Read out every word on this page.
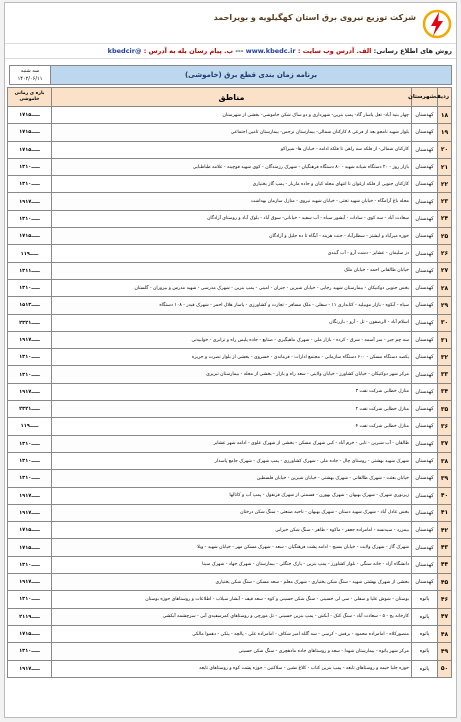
شرکت توزیع نیروی برق استان کهگیلویه و بویراحمد
روش های اطلاع رسانی: الف. آدرس وب سایت : www.kbedc.ir --- ب. پیام رسان بله به آدرس : @kbedcir
برنامه زمان بندی قطع برق (خاموشی)
سه شنبه
۱۴۰۲/۰۶/۱۱
ردیف	شهرستان	مناطق	بازه ی زمانی خاموشی
۱۸	کهدسنان	چهار بنیه آباد- تعل پاسار گاد- پمپ بنزین- شهرداری و دو ساک شکن خاموشی- بخشی از شهرستان	۱۷ـــــ۱۵
۱۹	کهدسنان	بلوار شهید نامجو بعد از فرعی ۸ کارکنان شمالی- بیمارستان نرجس- بیمارستان تامین اجتماعی	۱۷ـــــ۱۵
۲۰	کهدسنان	کارکنان شمالی- از فلکه سه راهی تا فلکه ادامه - خیابان ها- شیراکو	۱۷ـــــ۱۵
۲۱	کهدسنان	بازار روز - ۲۰ دستگاه شیانه شهید - ۸۰ دستگاه فرهنگیان - شهرک رزمندگان - کوی شهید قوچینه - علامه طباطبایی	۱۳ـــــ۱۰
۲۲	کهدسنان	کارکنان جنوبی از فلکه ارغوان تا انتهای محله کیان و جاده ماربار - پمپ گاز بختیاری	۱۳ـــــ۱۰
۲۳	کهدسنان	محله باغ آرامگاه - خیابان شهید تختی - خیابان شهید نیروی - منازل سازمان بهداشت	۱۹ـــــ۱۷
۲۴	کهدسنان	سعادت آباد - سه کوی - سادات - آبشور سیاه - آب سفید - خیابانی- سوق آباد - بلوک آباد و روستای آزادگان	۱۳ـــــ۱۰
۲۵	کهدسنان	حوزه میرآباد و لیشتر - سطلرآباد - جنت هزینه - آبگاه تا ده جلیل و آزادگان	۱۷ـــــ۱۵
۲۶	کهدسنان	دز سلیمان - عشایر - دشت آرو - آب گیندی	۱۱ـــــ۹
۲۷	کهدسنان	خیابان طالقانی احمد - خیابان ملک	۱۳ـــــ۱۱
۲۸	کهدسنان	بخش جنوبی دوکنیکان - بیمارستان شهید رجایی - خیابان شیرین - جبران - امینی - پمپ بنزین - شهرک مدرسی - شهید مدرس و بیزوران - گلستان	۱۳ـــــ۱۰
۲۹	کهدسنان	سیاه - آبکوه - بازار موبیلیه - کتابداری ۱۱ - سفلی - ملک مسافر - تجارت و کشاورزی - پاسار هلال احمر - شهرک قیدر - ۱۰۸ دستگاه	۱۵ـــــ۱۳
۳۰	کهدسنان	اسلام آباد - الرصفون - تل - آرو - بازرنگان	۲۳ـــــ۲۱
۳۱	کهدسنان	سه چم جیر - سر آسمه - شرق - کرده - بازار ملی - شهرک ماهیگیری - صنایع - جاده پلیس راه و ترابری - خوابیدنی	۱۹ـــــ۱۷
۳۲	کهدسنان	یکصد دستگاه مسکن - ۶۰۰ دستگاه سازمانی - مجتمع ادارات - فرماندی - خسروی - بخشی از بلوار نصرت و جزیره	۱۳ـــــ۱۰
۳۳	کهدسنان	مرکز شهر دوکنیکان - خیابان کشاورز - خیابان ولایتی - سعد راه و بازار - بخشی از محله - بیمارستان تبریزی	۱۳ـــــ۱۰
۳۴	کهدسنان	منازل خطابی شرکت نفت ۳	۱۹ـــــ۱۷
۳۵	کهدسنان	منازل خطابی شرکت نفت ۲	۲۳ـــــ۲۱
۳۶	کهدسنان	منازل خطابی شرکت نفت ۴	۱۱ـــــ۹
۳۷	کهدسنان	طالقان - آب شیرین - تابی - خرم آباد - کبی شهرک مسکن - بخشی از شهرک علوی - ادامه شهر عشایر	۱۳ـــــ۱۰
۳۸	کهدسنان	شهرک شهید بهشتی - روستای چال - جاده ملی - شهرک کشاورزی - پمپ شهرک - شهرک جامع پاسدار	۱۳ـــــ۱۰
۳۹	کهدسنان	خیابان بعثت - شهرک طالقانی - شهرک بهشتی - خیابان شیرین - خیابان فلسطین	۱۳ـــــ۱۰
۴۰	کهدسنان	زیرنوری شهرک - شهرک بهبهان - شهرک بهورن - قسمتی از شهرک قرنفول - پمپ آب و کانالها	۱۹ـــــ۱۷
۴۱	کهدسنان	بخش عادل آباد - شهرک شهید دستان - شهرک بهبهان - ناحیه صنعتی - سنگ شکن درختان	۱۹ـــــ۱۷
۴۲	کهدسنان	بیمزرد - سیدنسه - امامزاده جعفر - ماکوه - طاهر - سنگ شکن خیرابی	۱۷ـــــ۱۵
۴۳	کهدسنان	شهرک گاز - شهرک ولایت - خیابان بسیج - ادامه پشت فرهنگیان - سعد - شهرک مسکن مهر - خیابان شهید - ویلا	۱۷ـــــ۱۵
۴۴	کهدسنان	دانشگاه آزاد - خانه سنگی - بلوار کشاورز - پمپ بنزین - پارک جنگلی - بیمارستان - شهرک جهاد - شهرک سینا	۱۳ـــــ۱۰
۴۵	کهدسنان	بخشی از شهرک بهشتی شهید - سنگ شکن بختیاری - شهرک معلم - سعد مسکن - سنگ شکن بختیاری	۱۹ـــــ۱۷
۴۶	پاتوه	بوستان - شوش علیا و سفلی - سی لی حسینی - سنگ شکن حسینی و کوه - سعد قیف - آبشار سیلاب - اطلاعات و روستاهای حوزه بوستان	۱۳ـــــ۱۰
۴۷	پاتوه	کارخانه یخ - ۵ - سعادت آباد - سنگ کتک - آبکش - پمپ بنزین حسینی - تل مورچی و روستاهای کمرسفیدی آبی - سرچشمه آبکشی	۲۱ـــــ۱۹
۴۸	پاتوه	منصورکلاه - امامزاده محمود - برقش - کرسی - سه گلله امیر شکاف - امامزاده علی - پالچه - پتکی - دهموا مالکی	۱۷ـــــ۱۵
۴۹	پاتوه	مرکز شهر پاتوه - بیمارستان شهدا - سعد و روستاهای جاده مادهچری - سنگ شکن حسینی	۱۳ـــــ۱۰
۵۰	پاتوه	حوزه جلبا خیمه و روستاهای تابعه - پمپ بنزین کتاب - کلاغ نشین - سلاکنین - حوزه پشت کوه و روستاهای تابعه	۱۹ـــــ۱۷
